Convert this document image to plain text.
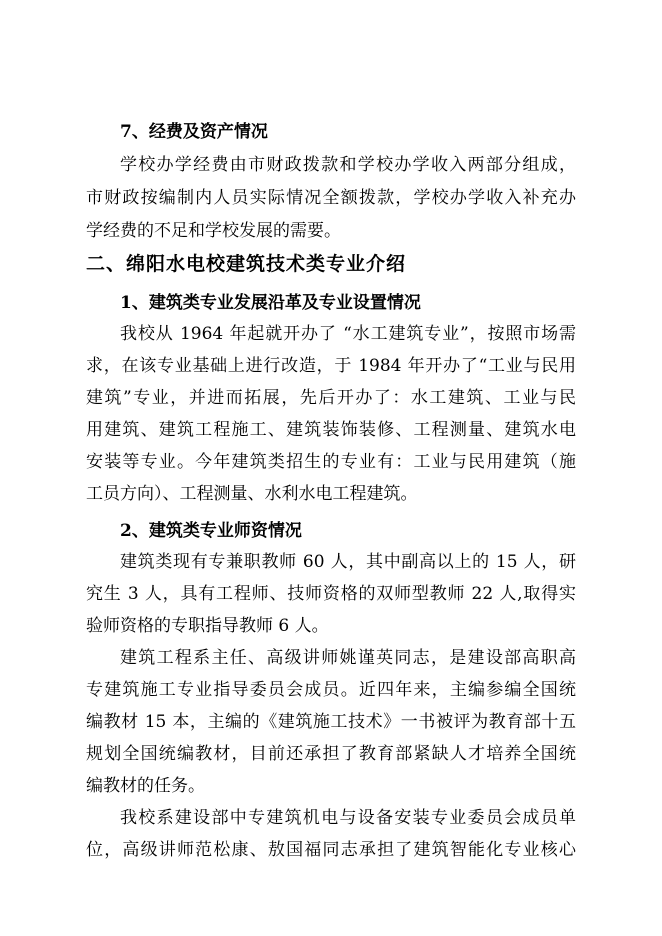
7、经费及资产情况
学校办学经费由市财政拨款和学校办学收入两部分组成，
市财政按编制内人员实际情况全额拨款，学校办学收入补充办
学经费的不足和学校发展的需要。
二、绵阳水电校建筑技术类专业介绍
1、建筑类专业发展沿革及专业设置情况
我校从 1964 年起就开办了 “水工建筑专业”，按照市场需
求，在该专业基础上进行改造，于 1984 年开办了“工业与民用
建筑”专业，并进而拓展，先后开办了：水工建筑、工业与民
用建筑、建筑工程施工、建筑装饰装修、工程测量、建筑水电
安装等专业。今年建筑类招生的专业有：工业与民用建筑（施
工员方向）、工程测量、水利水电工程建筑。
2、建筑类专业师资情况
建筑类现有专兼职教师 60 人，其中副高以上的 15 人，研
究生 3 人，具有工程师、技师资格的双师型教师 22 人,取得实
验师资格的专职指导教师 6 人。
建筑工程系主任、高级讲师姚谨英同志，是建设部高职高
专建筑施工专业指导委员会成员。近四年来，主编参编全国统
编教材 15 本，主编的《建筑施工技术》一书被评为教育部十五
规划全国统编教材，目前还承担了教育部紧缺人才培养全国统
编教材的任务。
我校系建设部中专建筑机电与设备安装专业委员会成员单
位，高级讲师范松康、敖国福同志承担了建筑智能化专业核心
